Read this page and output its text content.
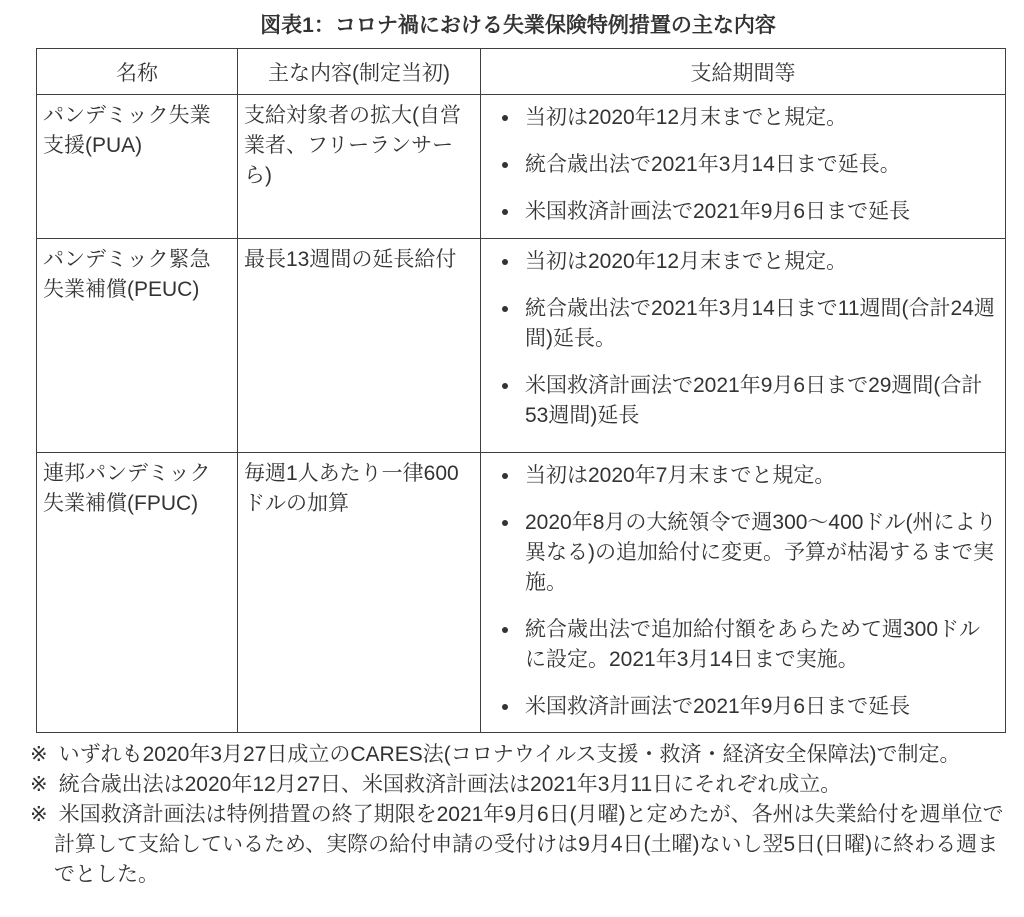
図表1：コロナ禍における失業保険特例措置の主な内容
名称	主な内容(制定当初)	支給期間等
パンデミック失業支援(PUA)	支給対象者の拡大(自営業者、フリーランサーら)	
• 当初は2020年12月末までと規定。
• 統合歳出法で2021年3月14日まで延長。
• 米国救済計画法で2021年9月6日まで延長

パンデミック緊急失業補償(PEUC)	最長13週間の延長給付	
•当初は2020年12月末までと規定。
• 統合歳出法で2021年3月14日まで11週間(合計24週間)延長。
• 米国救済計画法で2021年9月6日まで29週間(合計53週間)延長

連邦パンデミック失業補償(FPUC)	毎週1人あたり一律600ドルの加算	
• 当初は2020年7月末までと規定。
• 2020年8月の大統領令で週300～400ドル(州により異なる)の追加給付に変更。予算が枯渇するまで実施。
• 統合歳出法で追加給付額をあらためて週300ドルに設定。2021年3月14日まで実施。
• 米国救済計画法で2021年9月6日まで延長
※ いずれも2020年3月27日成立のCARES法(コロナウイルス支援・救済・経済安全保障法)で制定。
※ 統合歳出法は2020年12月27日、米国救済計画法は2021年3月11日にそれぞれ成立。
※ 米国救済計画法は特例措置の終了期限を2021年9月6日(月曜)と定めたが、各州は失業給付を週単位で計算して支給しているため、実際の給付申請の受付けは9月4日(土曜)ないし翌5日(日曜)に終わる週までとした。
